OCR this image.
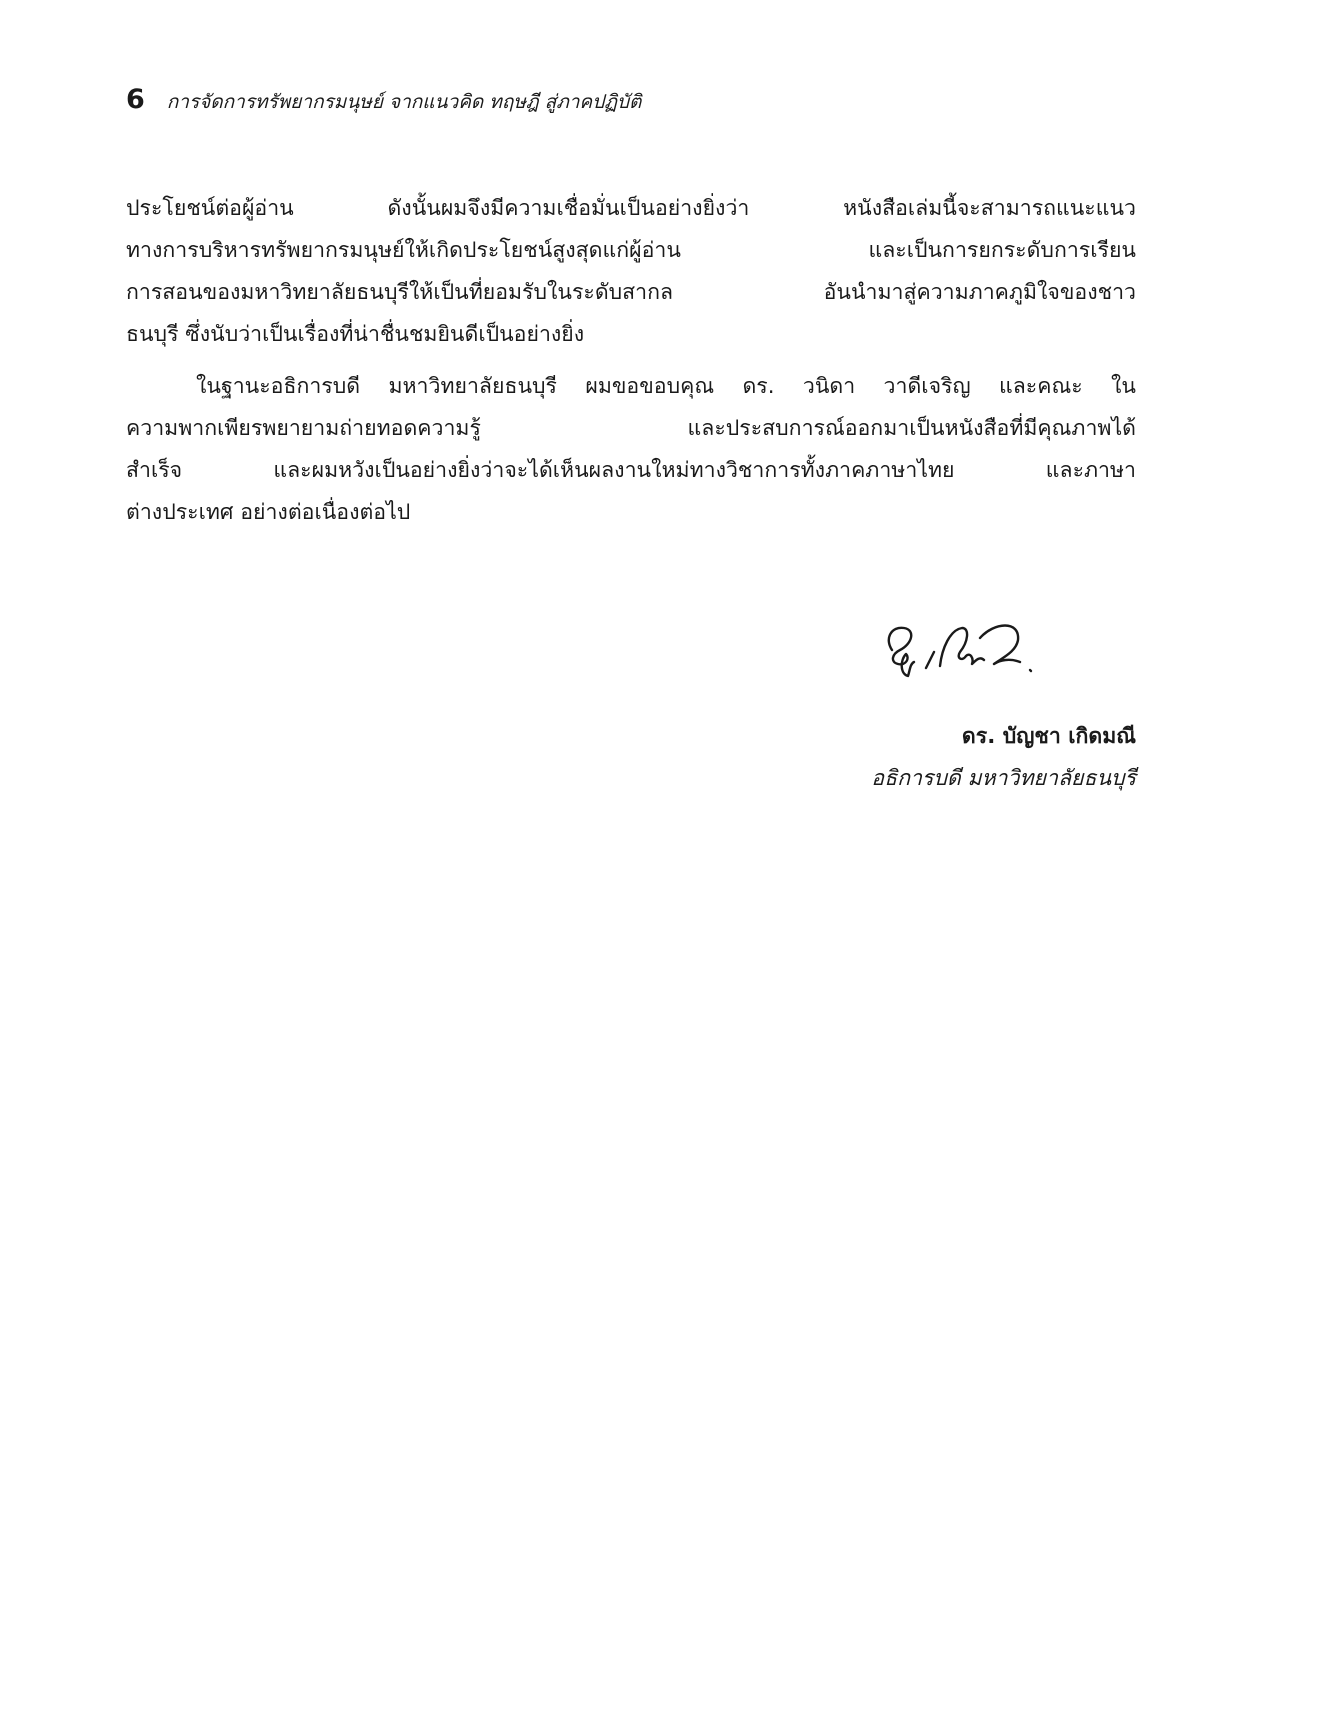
6 การจัดการทรัพยากรมนุษย์ จากแนวคิด ทฤษฎี สู่ภาคปฏิบัติ
ประโยชน์ต่อผู้อ่าน ดังนั้นผมจึงมีความเชื่อมั่นเป็นอย่างยิ่งว่า หนังสือเล่มนี้จะสามารถแนะแนว
ทางการบริหารทรัพยากรมนุษย์ให้เกิดประโยชน์สูงสุดแก่ผู้อ่าน และเป็นการยกระดับการเรียน
การสอนของมหาวิทยาลัยธนบุรีให้เป็นที่ยอมรับในระดับสากล อันนำมาสู่ความภาคภูมิใจของชาว
ธนบุรี ซึ่งนับว่าเป็นเรื่องที่น่าชื่นชมยินดีเป็นอย่างยิ่ง
ในฐานะอธิการบดี มหาวิทยาลัยธนบุรี ผมขอขอบคุณ ดร. วนิดา วาดีเจริญ และคณะ ใน
ความพากเพียรพยายามถ่ายทอดความรู้ และประสบการณ์ออกมาเป็นหนังสือที่มีคุณภาพได้
สำเร็จ และผมหวังเป็นอย่างยิ่งว่าจะได้เห็นผลงานใหม่ทางวิชาการทั้งภาคภาษาไทย และภาษา
ต่างประเทศ อย่างต่อเนื่องต่อไป
ดร. บัญชา เกิดมณี
อธิการบดี มหาวิทยาลัยธนบุรี
